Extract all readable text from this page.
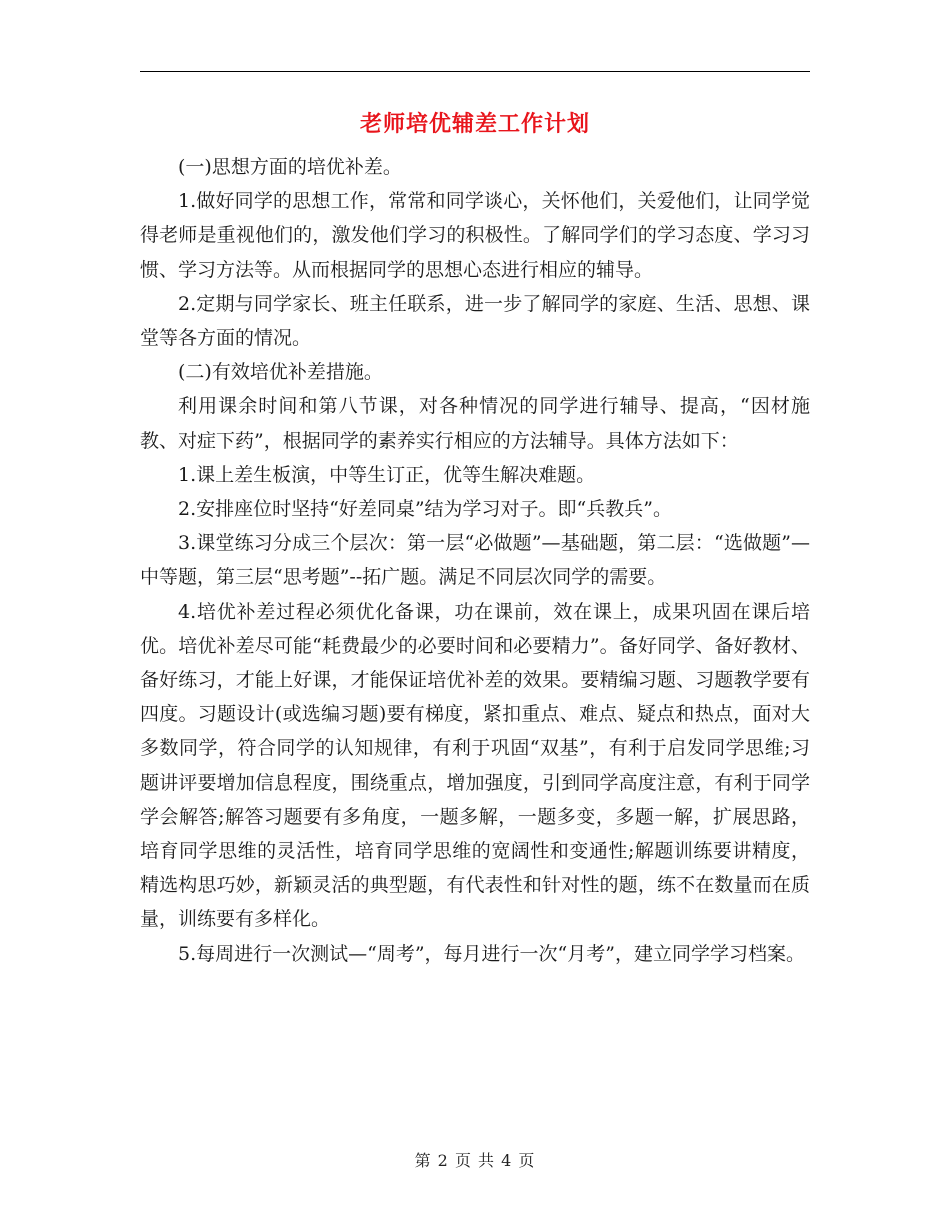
老师培优辅差工作计划

(一)思想方面的培优补差。

1.做好同学的思想工作，常常和同学谈心，关怀他们，关爱他们，让同学觉得老师是重视他们的，激发他们学习的积极性。了解同学们的学习态度、学习习惯、学习方法等。从而根据同学的思想心态进行相应的辅导。

2.定期与同学家长、班主任联系，进一步了解同学的家庭、生活、思想、课堂等各方面的情况。

(二)有效培优补差措施。

利用课余时间和第八节课，对各种情况的同学进行辅导、提高，“因材施教、对症下药”，根据同学的素养实行相应的方法辅导。具体方法如下：

1.课上差生板演，中等生订正，优等生解决难题。

2.安排座位时坚持“好差同桌”结为学习对子。即“兵教兵”。

3.课堂练习分成三个层次：第一层“必做题”—基础题，第二层：“选做题”—中等题，第三层“思考题”--拓广题。满足不同层次同学的需要。

4.培优补差过程必须优化备课，功在课前，效在课上，成果巩固在课后培优。培优补差尽可能“耗费最少的必要时间和必要精力”。备好同学、备好教材、备好练习，才能上好课，才能保证培优补差的效果。要精编习题、习题教学要有四度。习题设计(或选编习题)要有梯度，紧扣重点、难点、疑点和热点，面对大多数同学，符合同学的认知规律，有利于巩固“双基”，有利于启发同学思维;习题讲评要增加信息程度，围绕重点，增加强度，引到同学高度注意，有利于同学学会解答;解答习题要有多角度，一题多解，一题多变，多题一解，扩展思路，培育同学思维的灵活性，培育同学思维的宽阔性和变通性;解题训练要讲精度，精选构思巧妙，新颖灵活的典型题，有代表性和针对性的题，练不在数量而在质量，训练要有多样化。

5.每周进行一次测试—“周考”，每月进行一次“月考”，建立同学学习档案。

第 2 页 共 4 页
